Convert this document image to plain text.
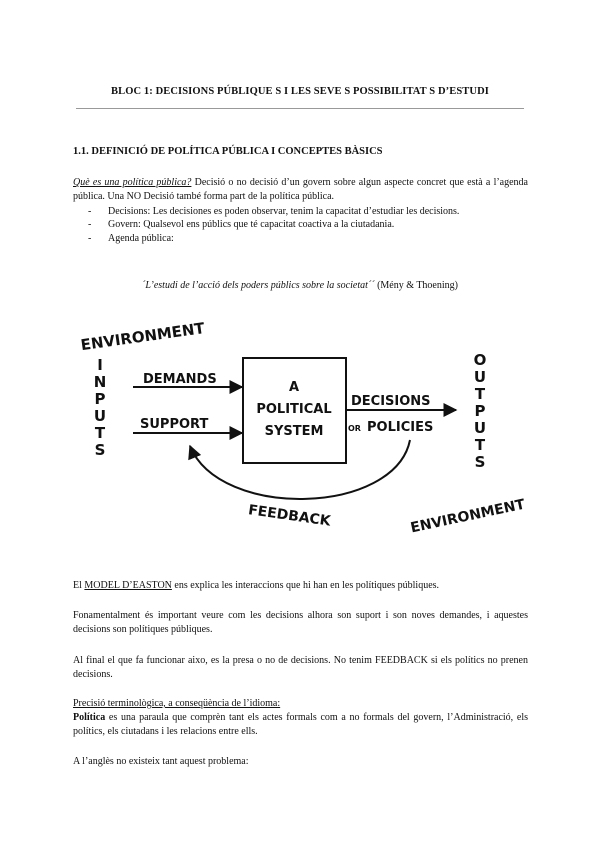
BLOC 1: DECISIONS PÚBLIQUE S I LES SEVE S POSSIBILITAT S D’ESTUDI
1.1. DEFINICIÓ DE POLÍTICA PÚBLICA I CONCEPTES BÀSICS
Què es una política pública? Decisió o no decisió d’un govern sobre algun aspecte concret que està a l’agenda pública. Una NO Decisió també forma part de la política pública.
-	Decisions: Les decisiones es poden observar, tenim la capacitat d’estudiar les decisions.
-	Govern: Qualsevol ens públics que té capacitat coactiva a la ciutadania.
-	Agenda pública:
´L’estudi de l’acció dels poders públics sobre la societat´´ (Mény & Thoening)
ENVIRONMENT
I
N
P
U
T
S
DEMANDS
SUPPORT
A
POLITICAL
SYSTEM
DECISIONS
OR POLICIES
O
U
T
P
U
T
S
FEEDBACK	ENVIRONMENT
El MODEL D’EASTON ens explica les interaccions que hi han en les polítiques públiques.
Fonamentalment és important veure com les decisions alhora son suport i son noves demandes, i aquestes decisions son polítiques públiques.
Al final el que fa funcionar aixo, es la presa o no de decisions. No tenim FEEDBACK si els polítics no prenen decisions.
Precisió terminològica, a conseqüència de l’idioma:
Política es una paraula que comprèn tant els actes formals com a no formals del govern, l’Administració, els polítics, els ciutadans i les relacions entre ells.
A l’anglès no existeix tant aquest problema:
